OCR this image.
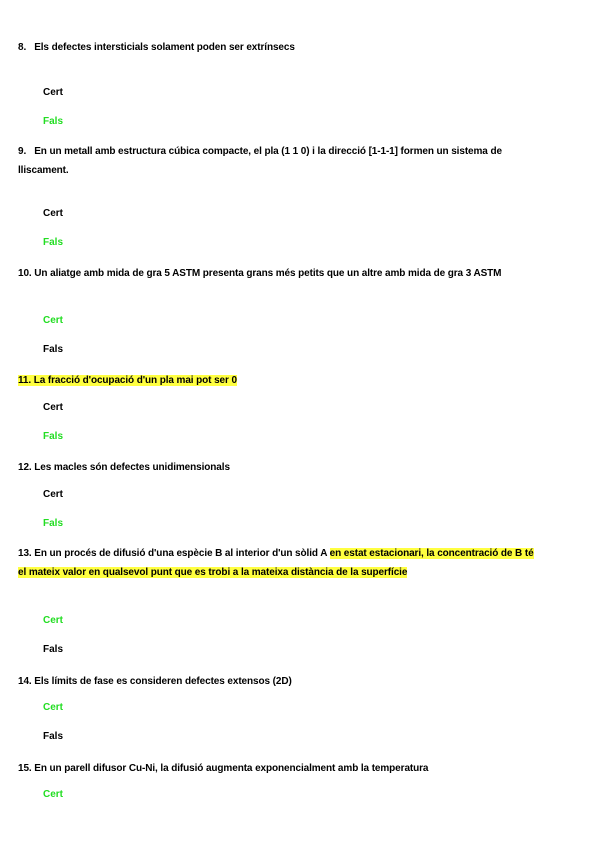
8. Els defectes intersticials solament poden ser extrínsecs
Cert
Fals
9. En un metall amb estructura cúbica compacte, el pla (1 1 0) i la direcció [1-1-1] formen un sistema de lliscament.
Cert
Fals
10. Un aliatge amb mida de gra 5 ASTM presenta grans més petits que un altre amb mida de gra 3 ASTM
Cert
Fals
11. La fracció d'ocupació d'un pla mai pot ser 0
Cert
Fals
12. Les macles són defectes unidimensionals
Cert
Fals
13. En un procés de difusió d'una espècie B al interior d'un sòlid A en estat estacionari, la concentració de B té el mateix valor en qualsevol punt que es trobi a la mateixa distància de la superfície
Cert
Fals
14. Els límits de fase es consideren defectes extensos (2D)
Cert
Fals
15. En un parell difusor Cu-Ni, la difusió augmenta exponencialment amb la temperatura
Cert
